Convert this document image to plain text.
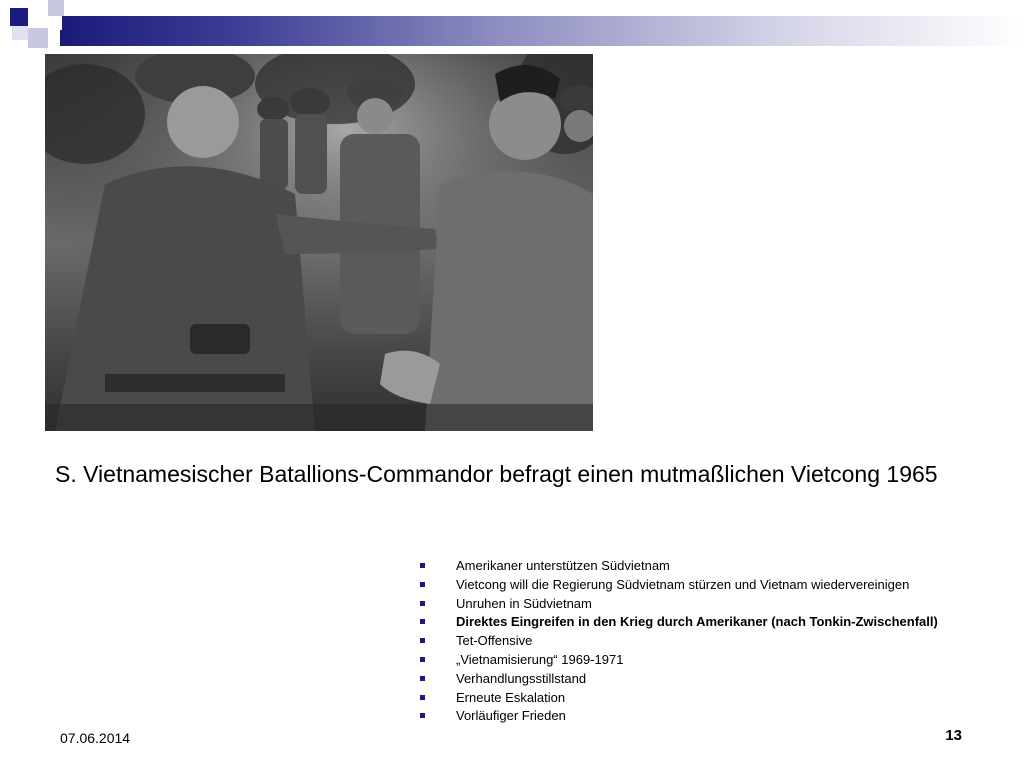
S. Vietnamesischer Batallions-Commandor befragt einen mutmaßlichen Vietcong 1965
Amerikaner unterstützen Südvietnam
Vietcong will die Regierung Südvietnam stürzen und Vietnam wiedervereinigen
Unruhen in Südvietnam
Direktes Eingreifen in den Krieg durch Amerikaner (nach Tonkin-Zwischenfall)
Tet-Offensive
„Vietnamisierung“ 1969-1971
Verhandlungsstillstand
Erneute Eskalation
Vorläufiger Frieden
07.06.2014	13
